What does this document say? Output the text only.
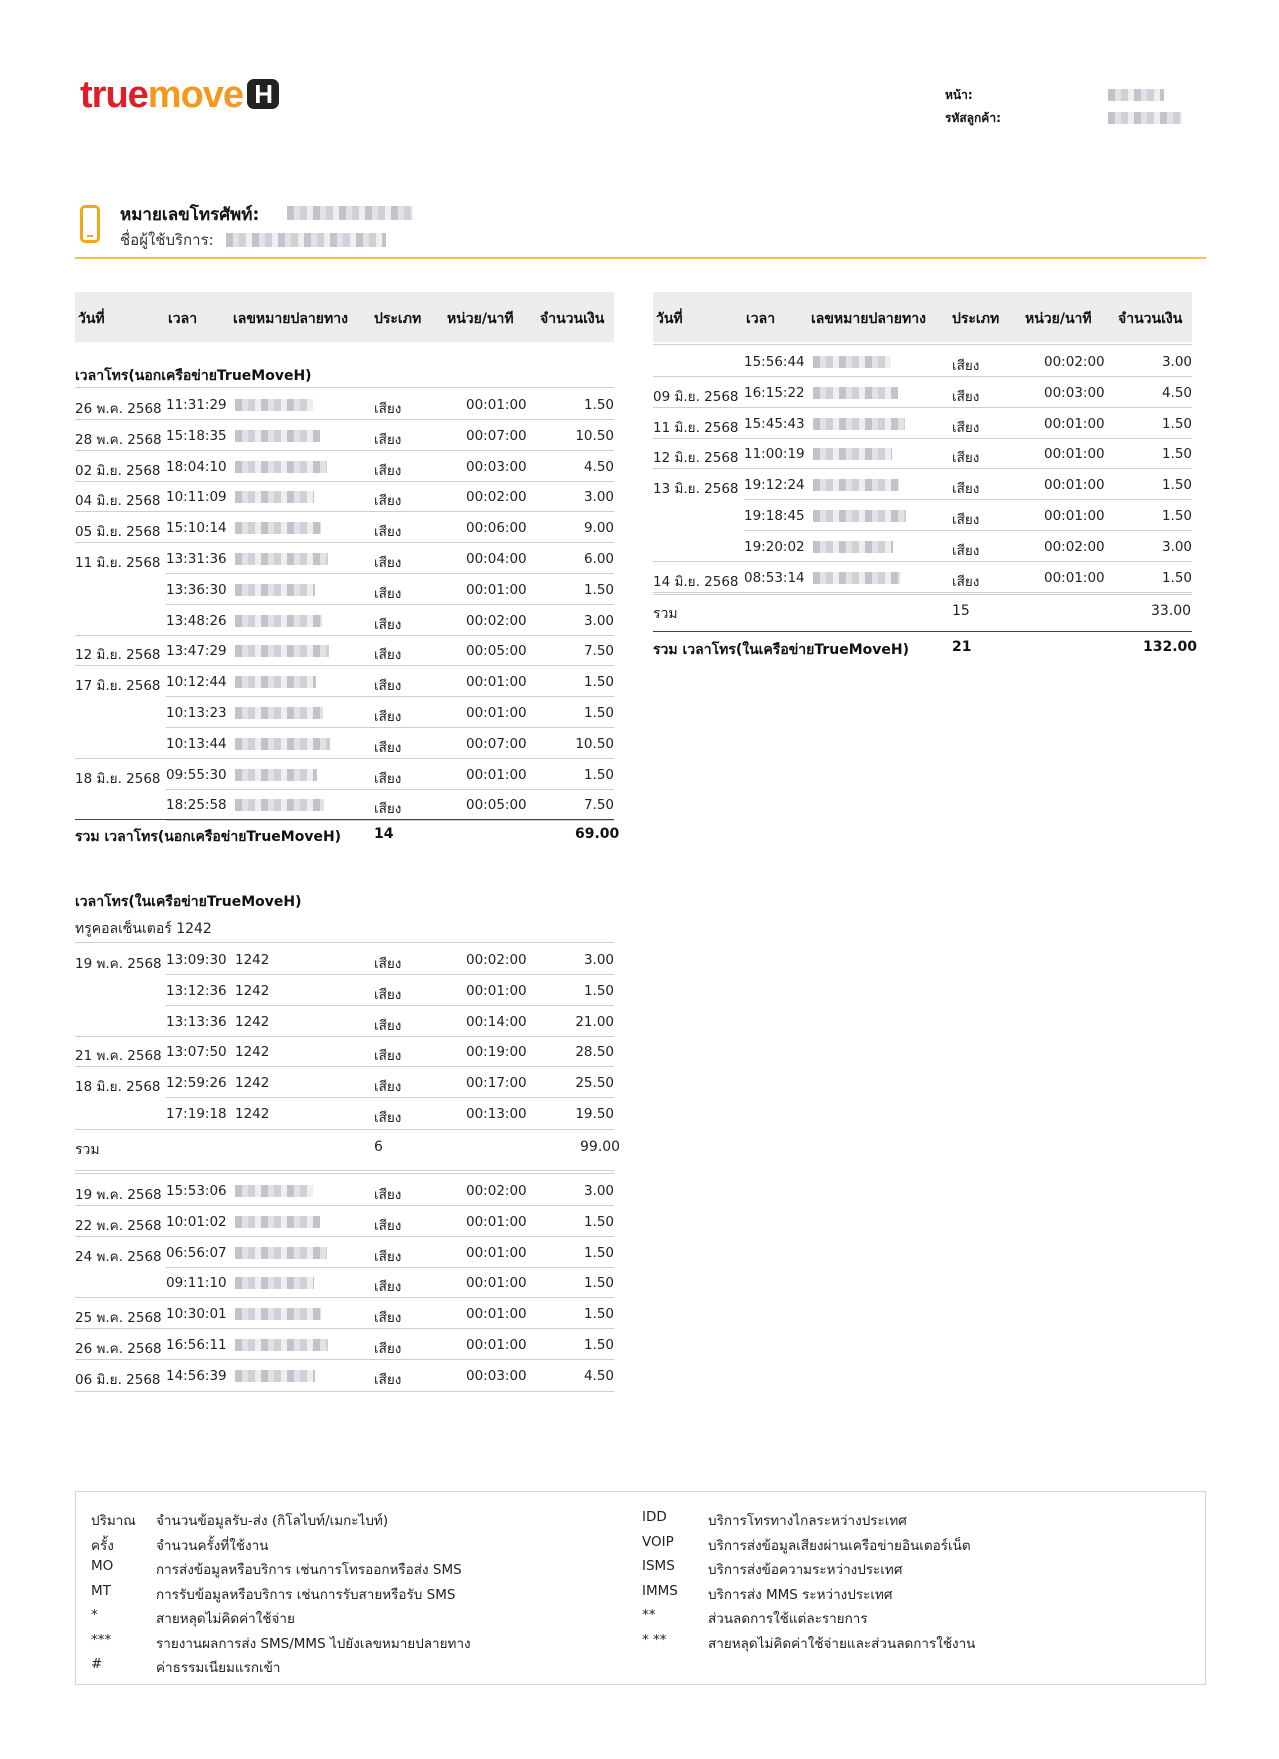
truemove H	หน้า:
รหัสลูกค้า:
หมายเลขโทรศัพท์:
ชื่อผู้ใช้บริการ:
วันที่	เวลา	เลขหมายปลายทาง ประเภท หน่วย/นาที จำนวนเงิน	วันที่	เวลา	เลขหมายปลายทาง ประเภท หน่วย/นาที จำนวนเงิน
เวลาโทร(นอกเครือข่ายTrueMoveH)
26 พ.ค. 2568 11:31:29	เสียง	00:01:00	1.50
28 พ.ค. 2568 15:18:35	เสียง	00:07:00	10.50
02 มิ.ย. 2568 18:04:10	เสียง	00:03:00	4.50
04 มิ.ย. 2568 10:11:09	เสียง	00:02:00	3.00
05 มิ.ย. 2568 15:10:14	เสียง	00:06:00	9.00
11 มิ.ย. 2568 13:31:36	เสียง	00:04:00	6.00
13:36:30	เสียง	00:01:00	1.50
13:48:26	เสียง	00:02:00	3.00
12 มิ.ย. 2568 13:47:29	เสียง	00:05:00	7.50
17 มิ.ย. 2568 10:12:44	เสียง	00:01:00	1.50
10:13:23	เสียง	00:01:00	1.50
10:13:44	เสียง	00:07:00	10.50
18 มิ.ย. 2568 09:55:30	เสียง	00:01:00	1.50
18:25:58	เสียง	00:05:00	7.50
รวม เวลาโทร(นอกเครือข่ายTrueMoveH) 14	69.00
เวลาโทร(ในเครือข่ายTrueMoveH)
ทรูคอลเซ็นเตอร์ 1242
19 พ.ค. 2568 13:09:30 1242	เสียง	00:02:00	3.00
13:12:36 1242	เสียง	00:01:00	1.50
13:13:36 1242	เสียง	00:14:00	21.00
21 พ.ค. 2568 13:07:50 1242	เสียง	00:19:00	28.50
18 มิ.ย. 2568 12:59:26 1242	เสียง	00:17:00	25.50
17:19:18 1242	เสียง	00:13:00	19.50
รวม	6	99.00
19 พ.ค. 2568 15:53:06	เสียง	00:02:00	3.00
22 พ.ค. 2568 10:01:02	เสียง	00:01:00	1.50
24 พ.ค. 2568 06:56:07	เสียง	00:01:00	1.50
09:11:10	เสียง	00:01:00	1.50
25 พ.ค. 2568 10:30:01	เสียง	00:01:00	1.50
26 พ.ค. 2568 16:56:11	เสียง	00:01:00	1.50
06 มิ.ย. 2568 14:56:39	เสียง	00:03:00	4.50
15:56:44	เสียง	00:02:00	3.00
09 มิ.ย. 2568 16:15:22	เสียง	00:03:00	4.50
11 มิ.ย. 2568 15:45:43	เสียง	00:01:00	1.50
12 มิ.ย. 2568 11:00:19	เสียง	00:01:00	1.50
13 มิ.ย. 2568 19:12:24	เสียง	00:01:00	1.50
19:18:45	เสียง	00:01:00	1.50
19:20:02	เสียง	00:02:00	3.00
14 มิ.ย. 2568 08:53:14	เสียง	00:01:00	1.50
รวม	15	33.00
รวม เวลาโทร(ในเครือข่ายTrueMoveH)	21	132.00
ปริมาณ จำนวนข้อมูลรับ-ส่ง (กิโลไบท์/เมกะไบท์)
ครั้ง	จำนวนครั้งที่ใช้งาน
MO	การส่งข้อมูลหรือบริการ เช่นการโทรออกหรือส่ง SMS
MT	การรับข้อมูลหรือบริการ เช่นการรับสายหรือรับ SMS
*	สายหลุดไม่คิดค่าใช้จ่าย
***	รายงานผลการส่ง SMS/MMS ไปยังเลขหมายปลายทาง
#	ค่าธรรมเนียมแรกเข้า
IDD	บริการโทรทางไกลระหว่างประเทศ
VOIP	บริการส่งข้อมูลเสียงผ่านเครือข่ายอินเตอร์เน็ต
ISMS บริการส่งข้อความระหว่างประเทศ
IMMS บริการส่ง MMS ระหว่างประเทศ
**	ส่วนลดการใช้แต่ละรายการ
* **	สายหลุดไม่คิดค่าใช้จ่ายและส่วนลดการใช้งาน
